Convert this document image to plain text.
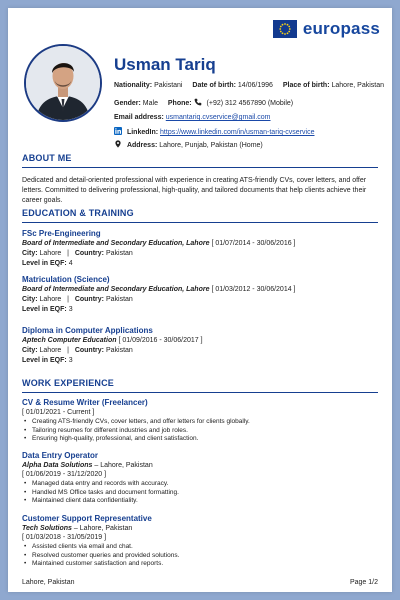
europass
Usman Tariq
Nationality: Pakistani Date of birth: 14/06/1996 Place of birth: Lahore, Pakistan
Gender: Male Phone: (+92) 312 4567890 (Mobile)
Email address: usmantariq.cvservice@gmail.com
LinkedIn: https://www.linkedin.com/in/usman-tariq-cvservice
Address: Lahore, Punjab, Pakistan (Home)
ABOUT ME
Dedicated and detail-oriented professional with experience in creating ATS-friendly CVs, cover letters, and offer letters. Committed to delivering professional, high-quality, and tailored documents that help clients achieve their career goals.
EDUCATION & TRAINING
FSc Pre-Engineering
Board of Intermediate and Secondary Education, Lahore [ 01/07/2014 - 30/06/2016 ]
City: Lahore   |   Country: Pakistan
Level in EQF: 4
Matriculation (Science)
Board of Intermediate and Secondary Education, Lahore [ 01/03/2012 - 30/06/2014 ]
City: Lahore   |   Country: Pakistan
Level in EQF: 3
Diploma in Computer Applications
Aptech Computer Education [ 01/09/2016 - 30/06/2017 ]
City: Lahore   |   Country: Pakistan
Level in EQF: 3
WORK EXPERIENCE
CV & Resume Writer (Freelancer)
[ 01/01/2021 - Current ]
• Creating ATS-friendly CVs, cover letters, and offer letters for clients globally.
• Tailoring resumes for different industries and job roles.
• Ensuring high-quality, professional, and client satisfaction.
Data Entry Operator
Alpha Data Solutions – Lahore, Pakistan
[ 01/06/2019 - 31/12/2020 ]
• Managed data entry and records with accuracy.
• Handled MS Office tasks and document formatting.
• Maintained client data confidentiality.
Customer Support Representative
Tech Solutions – Lahore, Pakistan
[ 01/03/2018 - 31/05/2019 ]
• Assisted clients via email and chat.
• Resolved customer queries and provided solutions.
• Maintained customer satisfaction and reports.
Lahore, Pakistan	Page 1/2
